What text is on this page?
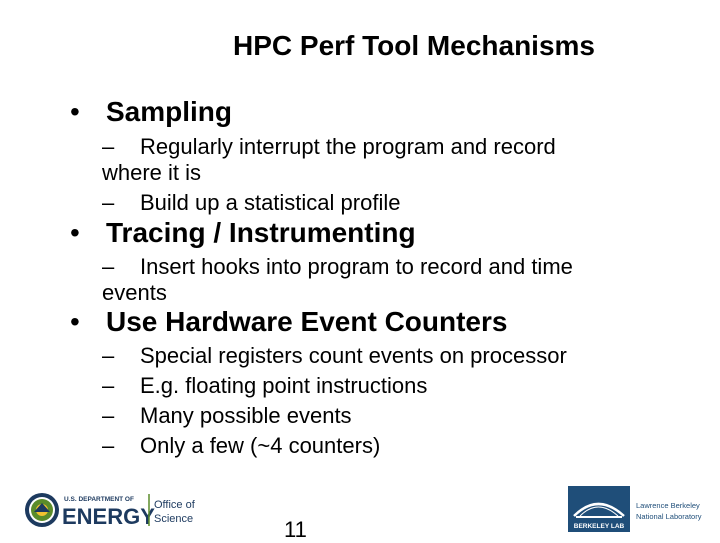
HPC Perf Tool Mechanisms
• Sampling
– Regularly interrupt the program and record
where it is
– Build up a statistical profile
• Tracing / Instrumenting
– Insert hooks into program to record and time
events
• Use Hardware Event Counters
– Special registers count events on processor
– E.g. floating point instructions
– Many possible events
– Only a few (~4 counters)
U.S. DEPARTMENT OF
ENERGY Office of
Science	11	BERKELEY LAB
Lawrence Berkeley
National Laboratory
